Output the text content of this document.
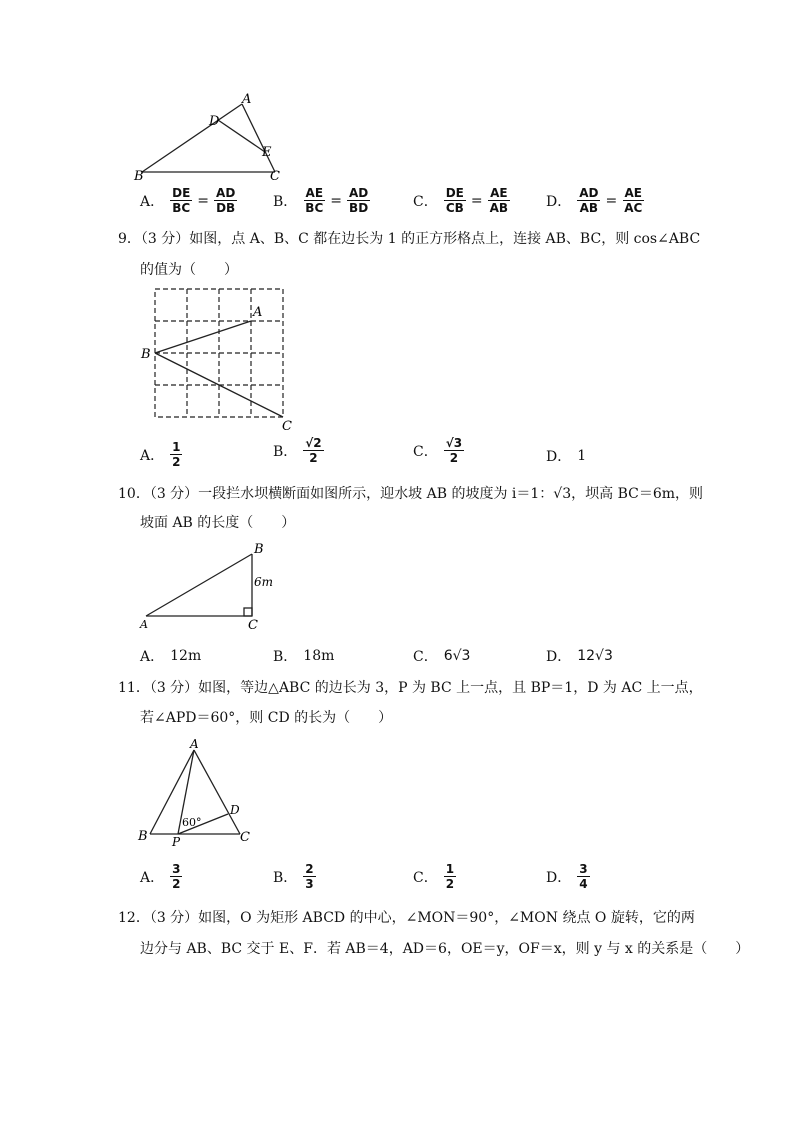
A
D
E
B	C
A． $\frac{DE}{BC} = \frac{AD}{DB}$	B． $\frac{AE}{BC} = \frac{AD}{BD}$	C． $\frac{DE}{CB} = \frac{AE}{AB}$	D． $\frac{AD}{AB} = \frac{AE}{AC}$
9．（3 分）如图，点 A、B、C 都在边长为 1 的正方形格点上，连接 AB、BC，则 cos∠ABC
的值为（　　）
A
B
C
A． $\frac{1}{2}$	B． $\frac{√2}{2}$	C． $\frac{√3}{2}$	D． 1
10．（3 分）一段拦水坝横断面如图所示，迎水坡 AB 的坡度为 i＝1：√3，坝高 BC＝6m，则
坡面 AB 的长度（　　）
B
6m
A	C
A． 12m	B． 18m	C． 6√3	D． 12√3
11．（3 分）如图，等边△ABC 的边长为 3，P 为 BC 上一点，且 BP＝1，D 为 AC 上一点，
若∠APD＝60°，则 CD 的长为（　　）
A
D
60°
B P	C
A． $\frac{3}{2}$	B． $\frac{2}{3}$	C． $\frac{1}{2}$	D． $\frac{3}{4}$
12．（3 分）如图，O 为矩形 ABCD 的中心，∠MON＝90°，∠MON 绕点 O 旋转，它的两
边分与 AB、BC 交于 E、F．若 AB＝4，AD＝6，OE＝y，OF＝x，则 y 与 x 的关系是（　　）
